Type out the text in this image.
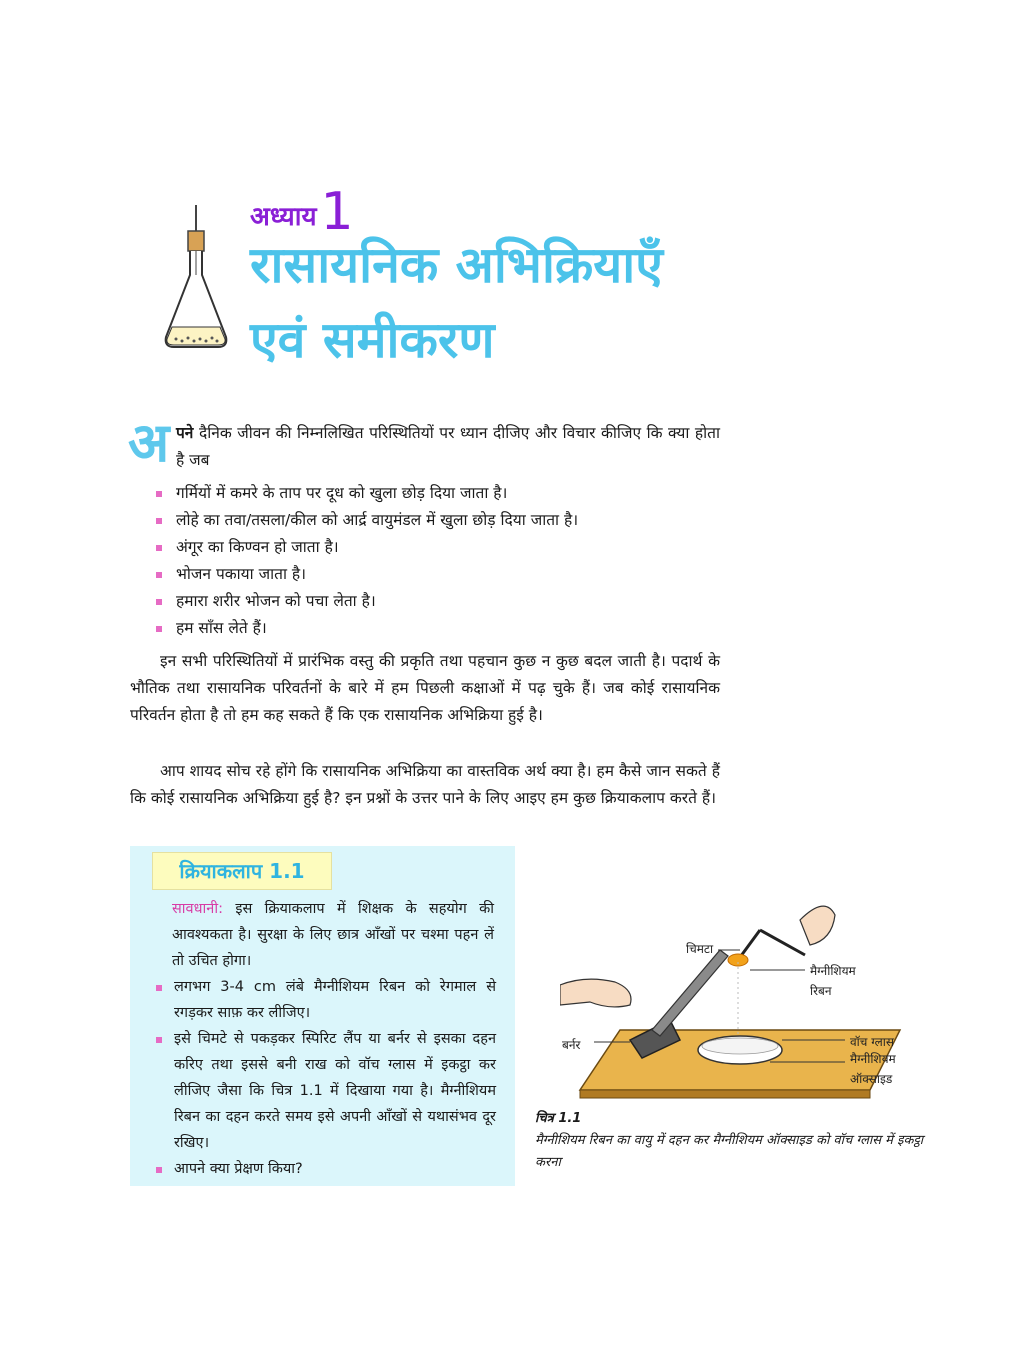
अध्याय1
रासायनिक अभिक्रियाएँ
एवं समीकरण
अ पने दैनिक जीवन की निम्नलिखित परिस्थितियों पर ध्यान दीजिए और विचार कीजिए कि क्या होता है जब
गर्मियों में कमरे के ताप पर दूध को खुला छोड़ दिया जाता है।
लोहे का तवा/तसला/कील को आर्द्र वायुमंडल में खुला छोड़ दिया जाता है।
अंगूर का किण्वन हो जाता है।
भोजन पकाया जाता है।
हमारा शरीर भोजन को पचा लेता है।
हम साँस लेते हैं।
इन सभी परिस्थितियों में प्रारंभिक वस्तु की प्रकृति तथा पहचान कुछ न कुछ बदल जाती है। पदार्थ के भौतिक तथा रासायनिक परिवर्तनों के बारे में हम पिछली कक्षाओं में पढ़ चुके हैं। जब कोई रासायनिक परिवर्तन होता है तो हम कह सकते हैं कि एक रासायनिक अभिक्रिया हुई है।
आप शायद सोच रहे होंगे कि रासायनिक अभिक्रिया का वास्तविक अर्थ क्या है। हम कैसे जान सकते हैं कि कोई रासायनिक अभिक्रिया हुई है? इन प्रश्नों के उत्तर पाने के लिए आइए हम कुछ क्रियाकलाप करते हैं।
क्रियाकलाप 1.1
सावधानी: इस क्रियाकलाप में शिक्षक के सहयोग की आवश्यकता है। सुरक्षा के लिए छात्र आँखों पर चश्मा पहन लें तो उचित होगा।
लगभग 3-4 cm लंबे मैग्नीशियम रिबन को रेगमाल से रगड़कर साफ़ कर लीजिए।
इसे चिमटे से पकड़कर स्पिरिट लैंप या बर्नर से इसका दहन करिए तथा इससे बनी राख को वॉच ग्लास में इकट्ठा कर लीजिए जैसा कि चित्र 1.1 में दिखाया गया है। मैग्नीशियम रिबन का दहन करते समय इसे अपनी आँखों से यथासंभव दूर रखिए।
आपने क्या प्रेक्षण किया?
चिमटा
मैग्नीशियम
रिबन
बर्नर	वॉच ग्लास
मैग्नीशियम
ऑक्साइड
चित्र 1.1
मैग्नीशियम रिबन का वायु में दहन कर मैग्नीशियम ऑक्साइड को वॉच ग्लास में इकट्ठा करना
